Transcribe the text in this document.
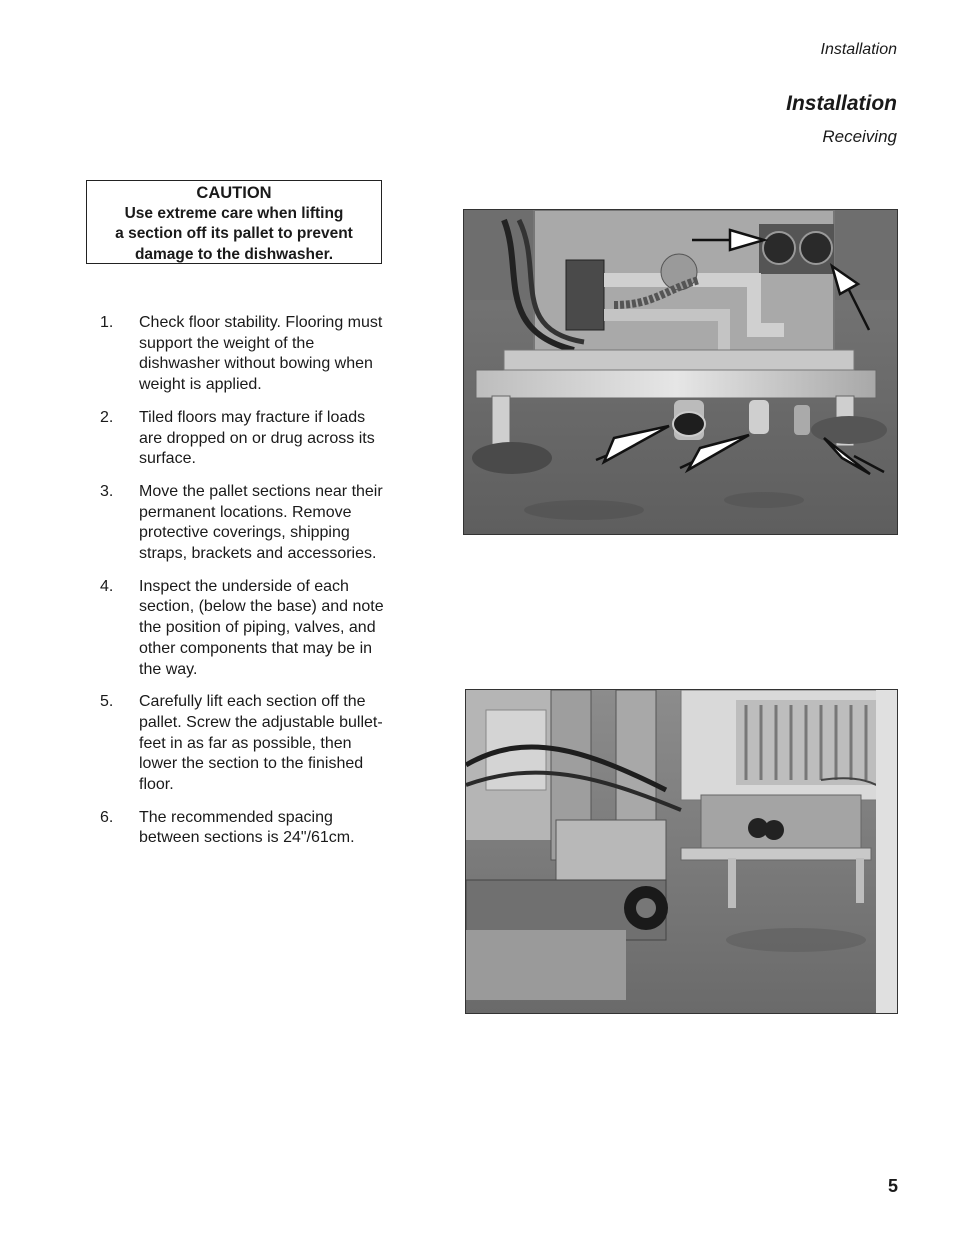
Installation
Installation
Receiving
CAUTION
Use extreme care when lifting
a section off its pallet to prevent
damage to the dishwasher.
1. Check floor stability. Flooring must support the weight of the dishwasher without bowing when weight is applied.
2. Tiled floors may fracture if loads are dropped on or drug across its surface.
3. Move the pallet sections near their permanent locations. Remove protective coverings, shipping straps, brackets and accessories.
4. Inspect the underside of each section, (below the base) and note the position of piping, valves, and other components that may be in the way.
5. Carefully lift each section off the pallet. Screw the adjustable bullet-feet in as far as possible, then lower the section to the finished floor.
6. The recommended spacing between sections is 24"/61cm.
5
